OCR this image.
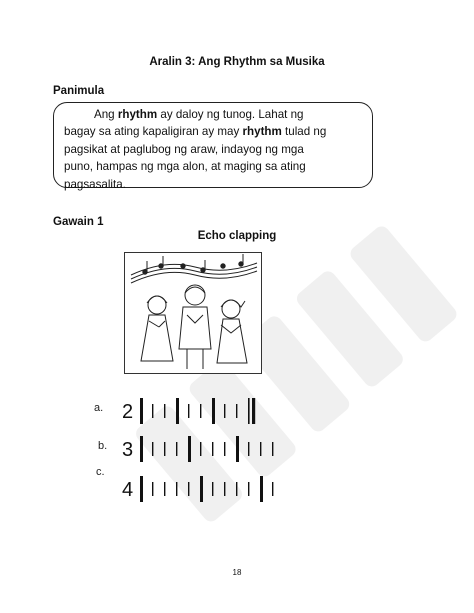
Aralin 3: Ang Rhythm sa Musika
Panimula

Ang rhythm ay daloy ng tunog. Lahat ng

bagay sa ating kapaligiran ay may rhythm tulad ng

pagsikat at paglubog ng araw, indayog ng mga

puno, hampas ng mga alon, at maging sa ating

pagsasalita.

Gawain 1
Echo clapping
a. 2
b. 3
c.
4
18
